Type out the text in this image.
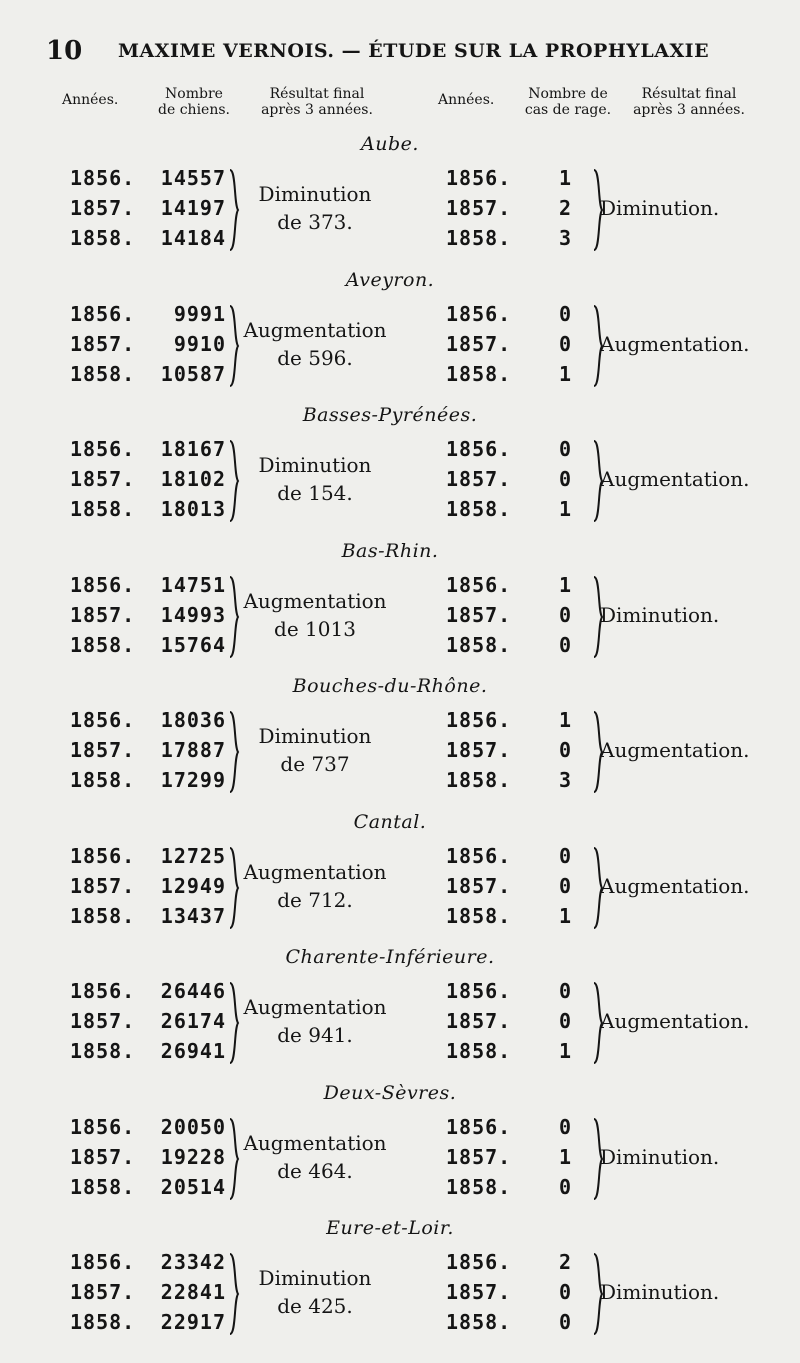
10 MAXIME VERNOIS. — ÉTUDE SUR LA PROPHYLAXIE
Années.	Nombre
de chiens.
Résultat final
après 3 années.
Années.	Nombre de
cas de rage.
Résultat final
après 3 années.
Aube.
1856.	14557	1856.	1
1857.	14197	1857.	2
1858.	14184	1858.	3
Diminution
de 373.
Diminution.
Aveyron.
1856.	9991	1856.	0
1857.	9910	1857.	0
1858.	10587	1858.	1
Augmentation
de 596.
Augmentation.
Basses-Pyrénées.
1856.	18167	1856.	0
1857.	18102	1857.	0
1858.	18013	1858.	1
Diminution
de 154.
Augmentation.
Bas-Rhin.
1856.	14751	1856.	1
1857.	14993	1857.	0
1858.	15764	1858.	0
Augmentation
de 1013
Diminution.
Bouches-du-Rhône.
1856.	18036	1856.	1
1857.	17887	1857.	0
1858.	17299	1858.	3
Diminution
de 737
Augmentation.
Cantal.
1856.	12725	1856.	0
1857.	12949	1857.	0
1858.	13437	1858.	1
Augmentation
de 712.
Augmentation.
Charente-Inférieure.
1856.	26446	1856.	0
1857.	26174	1857.	0
1858.	26941	1858.	1
Augmentation
de 941.
Augmentation.
Deux-Sèvres.
1856.	20050	1856.	0
1857.	19228	1857.	1
1858.	20514	1858.	0
Augmentation
de 464.
Diminution.
Eure-et-Loir.
1856.	23342	1856.	2
1857.	22841	1857.	0
1858.	22917	1858.	0
Diminution
de 425.
Diminution.
